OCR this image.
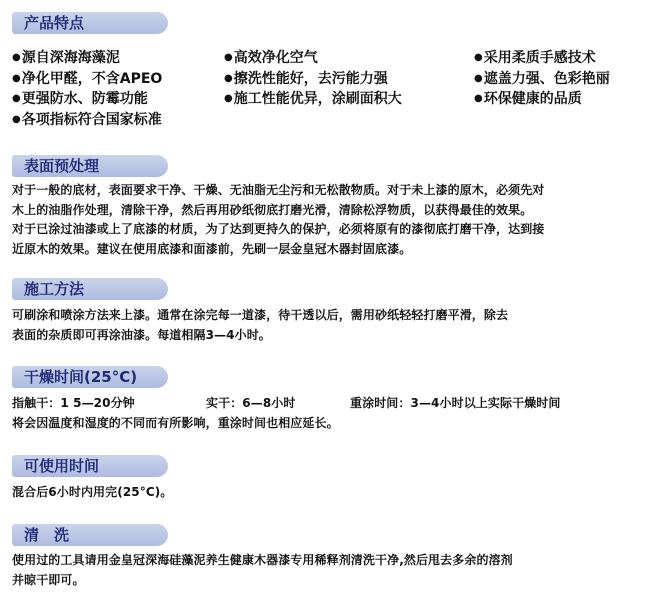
产品特点
● 源自深海海藻泥	● 高效净化空气	● 采用柔质手感技术
● 净化甲醛，不含APEO	● 擦洗性能好，去污能力强	● 遮盖力强、色彩艳丽
● 更强防水、防霉功能	● 施工性能优异，涂刷面积大	● 环保健康的品质
● 各项指标符合国家标准
表面预处理

对于一般的底材，表面要求干净、干燥、无油脂无尘污和无松散物质。对于未上漆的原木，必须先对

木上的油脂作处理，清除干净，然后再用砂纸彻底打磨光滑，清除松浮物质，以获得最佳的效果。

对于已涂过油漆或上了底漆的材质，为了达到更持久的保护，必须将原有的漆彻底打磨干净，达到接

近原木的效果。建议在使用底漆和面漆前，先刷一层金皇冠木器封固底漆。

施工方法

可刷涂和喷涂方法来上漆。通常在涂完每一道漆，待干透以后，需用砂纸轻轻打磨平滑，除去

表面的杂质即可再涂油漆。每道相隔3—4小时。

干燥时间(25°C)
指触干：1 5—20分钟	实干：6—8小时	重涂时间：3—4小时以上实际干燥时间

将会因温度和湿度的不同而有所影响，重涂时间也相应延长。

可使用时间

混合后6小时内用完(25°C)。

清　洗

使用过的工具请用金皇冠深海硅藻泥养生健康木器漆专用稀释剂清洗干净,然后甩去多余的溶剂

并晾干即可。
